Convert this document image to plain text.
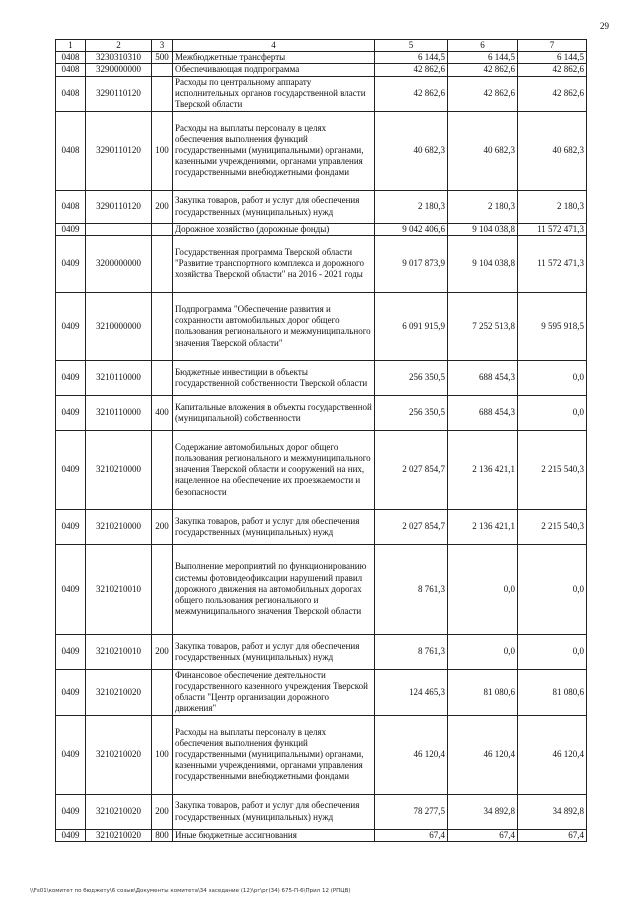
29
1	2	3	4	5	6	7
0408	3230310310	500	Межбюджетные трансферты	6 144,5	6 144,5	6 144,5
0408	3290000000		Обеспечивающая подпрограмма	42 862,6	42 862,6	42 862,6
0408	3290110120		Расходы по центральному аппарату исполнительных органов государственной власти Тверской области	42 862,6	42 862,6	42 862,6
0408	3290110120	100	Расходы на выплаты персоналу в целях обеспечения выполнения функций государственными (муниципальными) органами, казенными учреждениями, органами управления государственными внебюджетными фондами	40 682,3	40 682,3	40 682,3
0408	3290110120	200	Закупка товаров, работ и услуг для обеспечения государственных (муниципальных) нужд	2 180,3	2 180,3	2 180,3
0409			Дорожное хозяйство (дорожные фонды)	9 042 406,6	9 104 038,8	11 572 471,3
0409	3200000000		Государственная программа Тверской области "Развитие транспортного комплекса и дорожного хозяйства Тверской области" на 2016 - 2021 годы	9 017 873,9	9 104 038,8	11 572 471,3
0409	3210000000		Подпрограмма "Обеспечение развития и сохранности автомобильных дорог общего пользования регионального и межмуниципального значения Тверской области"	6 091 915,9	7 252 513,8	9 595 918,5
0409	3210110000		Бюджетные инвестиции в объекты государственной собственности Тверской области	256 350,5	688 454,3	0,0
0409	3210110000	400	Капитальные вложения в объекты государственной (муниципальной) собственности	256 350,5	688 454,3	0,0
0409	3210210000		Содержание автомобильных дорог общего пользования регионального и межмуниципального значения Тверской области и сооружений на них, нацеленное на обеспечение их проезжаемости и безопасности	2 027 854,7	2 136 421,1	2 215 540,3
0409	3210210000	200	Закупка товаров, работ и услуг для обеспечения государственных (муниципальных) нужд	2 027 854,7	2 136 421,1	2 215 540,3
0409	3210210010		Выполнение мероприятий по функционированию системы фотовидеофиксации нарушений правил дорожного движения на автомобильных дорогах общего пользования регионального и межмуниципального значения Тверской области	8 761,3	0,0	0,0
0409	3210210010	200	Закупка товаров, работ и услуг для обеспечения государственных (муниципальных) нужд	8 761,3	0,0	0,0
0409	3210210020		Финансовое обеспечение деятельности государственного казенного учреждения Тверской области "Центр организации дорожного движения"	124 465,3	81 080,6	81 080,6
0409	3210210020	100	Расходы на выплаты персоналу в целях обеспечения выполнения функций государственными (муниципальными) органами, казенными учреждениями, органами управления государственными внебюджетными фондами	46 120,4	46 120,4	46 120,4
0409	3210210020	200	Закупка товаров, работ и услуг для обеспечения государственных (муниципальных) нужд	78 277,5	34 892,8	34 892,8
0409	3210210020	800	Иные бюджетные ассигнования	67,4	67,4	67,4
\\Fs01\комитет по бюджету\6 созыв\Документы комитета\34 заседание (12)\рг\рг(34) 675-П-6\Прил 12 (РПЦВ)
